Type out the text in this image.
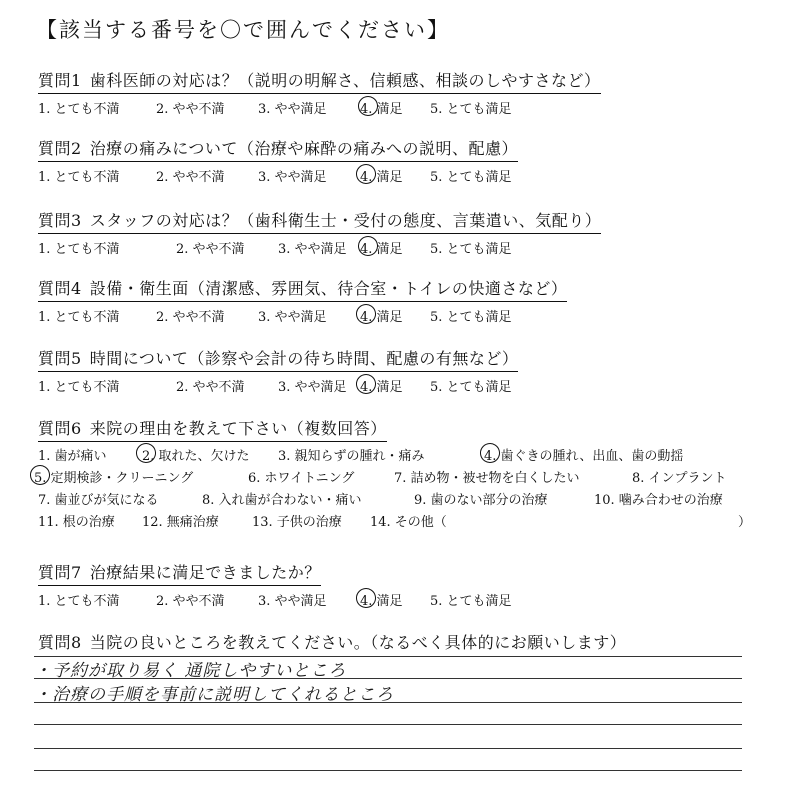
【該当する番号を〇で囲んでください】
質問1 歯科医師の対応は？（説明の明解さ、信頼感、相談のしやすさなど）
1. とても不満	2. やや不満	3. やや満足	4. 満足 5. とても満足
質問2 治療の痛みについて（治療や麻酔の痛みへの説明、配慮）
1. とても不満	2. やや不満	3. やや満足	4. 満足 5. とても満足
質問3 スタッフの対応は？（歯科衛生士・受付の態度、言葉遣い、気配り）
1. とても不満	2. やや不満	3. やや満足 4. 満足 5. とても満足
質問4 設備・衛生面（清潔感、雰囲気、待合室・トイレの快適さなど）
1. とても不満	2. やや不満	3. やや満足	4. 満足 5. とても満足
質問5 時間について（診察や会計の待ち時間、配慮の有無など）
1. とても不満	2. やや不満	3. やや満足 4. 満足 5. とても満足
質問6 来院の理由を教えて下さい（複数回答）
1. 歯が痛い	2. 取れた、欠けた 3. 親知らずの腫れ・痛み	4. 歯ぐきの腫れ、出血、歯の動揺
5. 定期検診・クリーニング	6. ホワイトニング	7. 詰め物・被せ物を白くしたい	8. インプラント
7. 歯並びが気になる	8. 入れ歯が合わない・痛い	9. 歯のない部分の治療	10. 噛み合わせの治療
11. 根の治療 12. 無痛治療	13. 子供の治療 14. その他（	）
質問7 治療結果に満足できましたか？
1. とても不満	2. やや不満	3. やや満足	4. 満足 5. とても満足
質問8 当院の良いところを教えてください。（なるべく具体的にお願いします）
・予約が取り易く 通院しやすいところ
・治療の手順を事前に説明してくれるところ
